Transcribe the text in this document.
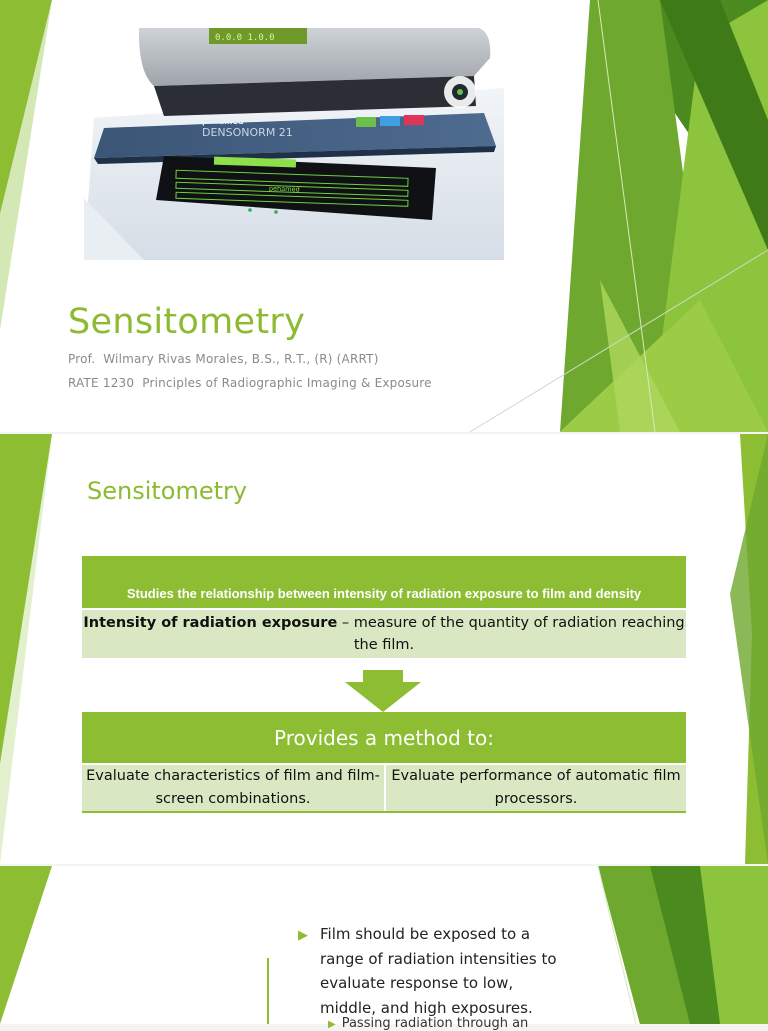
0.0.0 1.0.0
pehamed
DENSONORM 21
pehamed
Sensitometry
Prof.  Wilmary Rivas Morales, B.S., R.T., (R) (ARRT)
RATE 1230  Principles of Radiographic Imaging & Exposure
Sensitometry
Studies the relationship between intensity of radiation exposure to film and density
Intensity of radiation exposure – measure of the quantity of radiation reaching the film.
Provides a method to:
Evaluate characteristics of film and film-screen combinations.
Evaluate performance of automatic film processors.
▶ Film should be exposed to a range of radiation intensities to evaluate response to low, middle, and high exposures.
▶ Passing radiation through an
